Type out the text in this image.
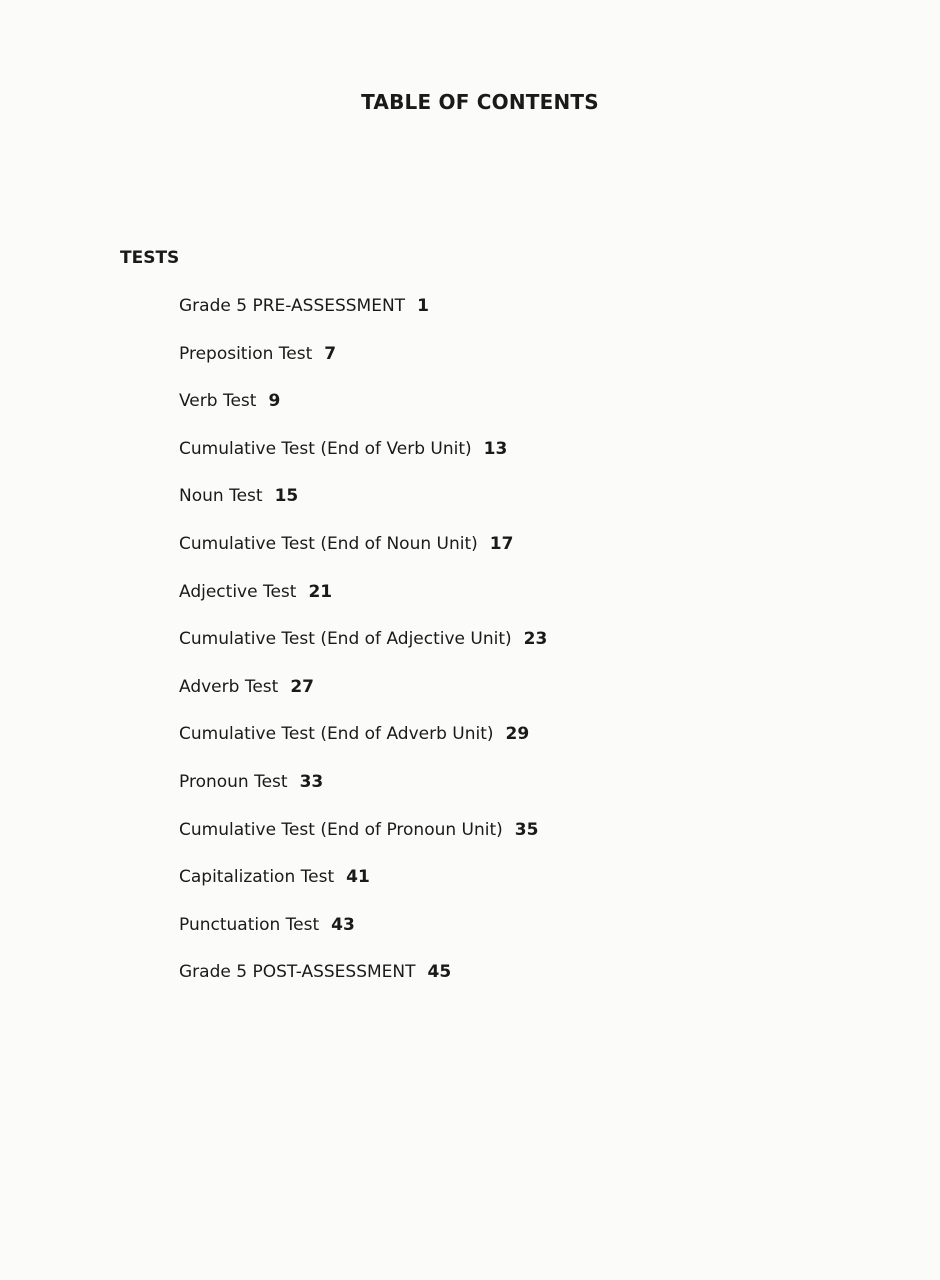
TABLE OF CONTENTS
TESTS
Grade 5 PRE-ASSESSMENT 1
Preposition Test 7
Verb Test 9
Cumulative Test (End of Verb Unit) 13
Noun Test 15
Cumulative Test (End of Noun Unit) 17
Adjective Test 21
Cumulative Test (End of Adjective Unit) 23
Adverb Test 27
Cumulative Test (End of Adverb Unit) 29
Pronoun Test 33
Cumulative Test (End of Pronoun Unit) 35
Capitalization Test 41
Punctuation Test 43
Grade 5 POST-ASSESSMENT 45
